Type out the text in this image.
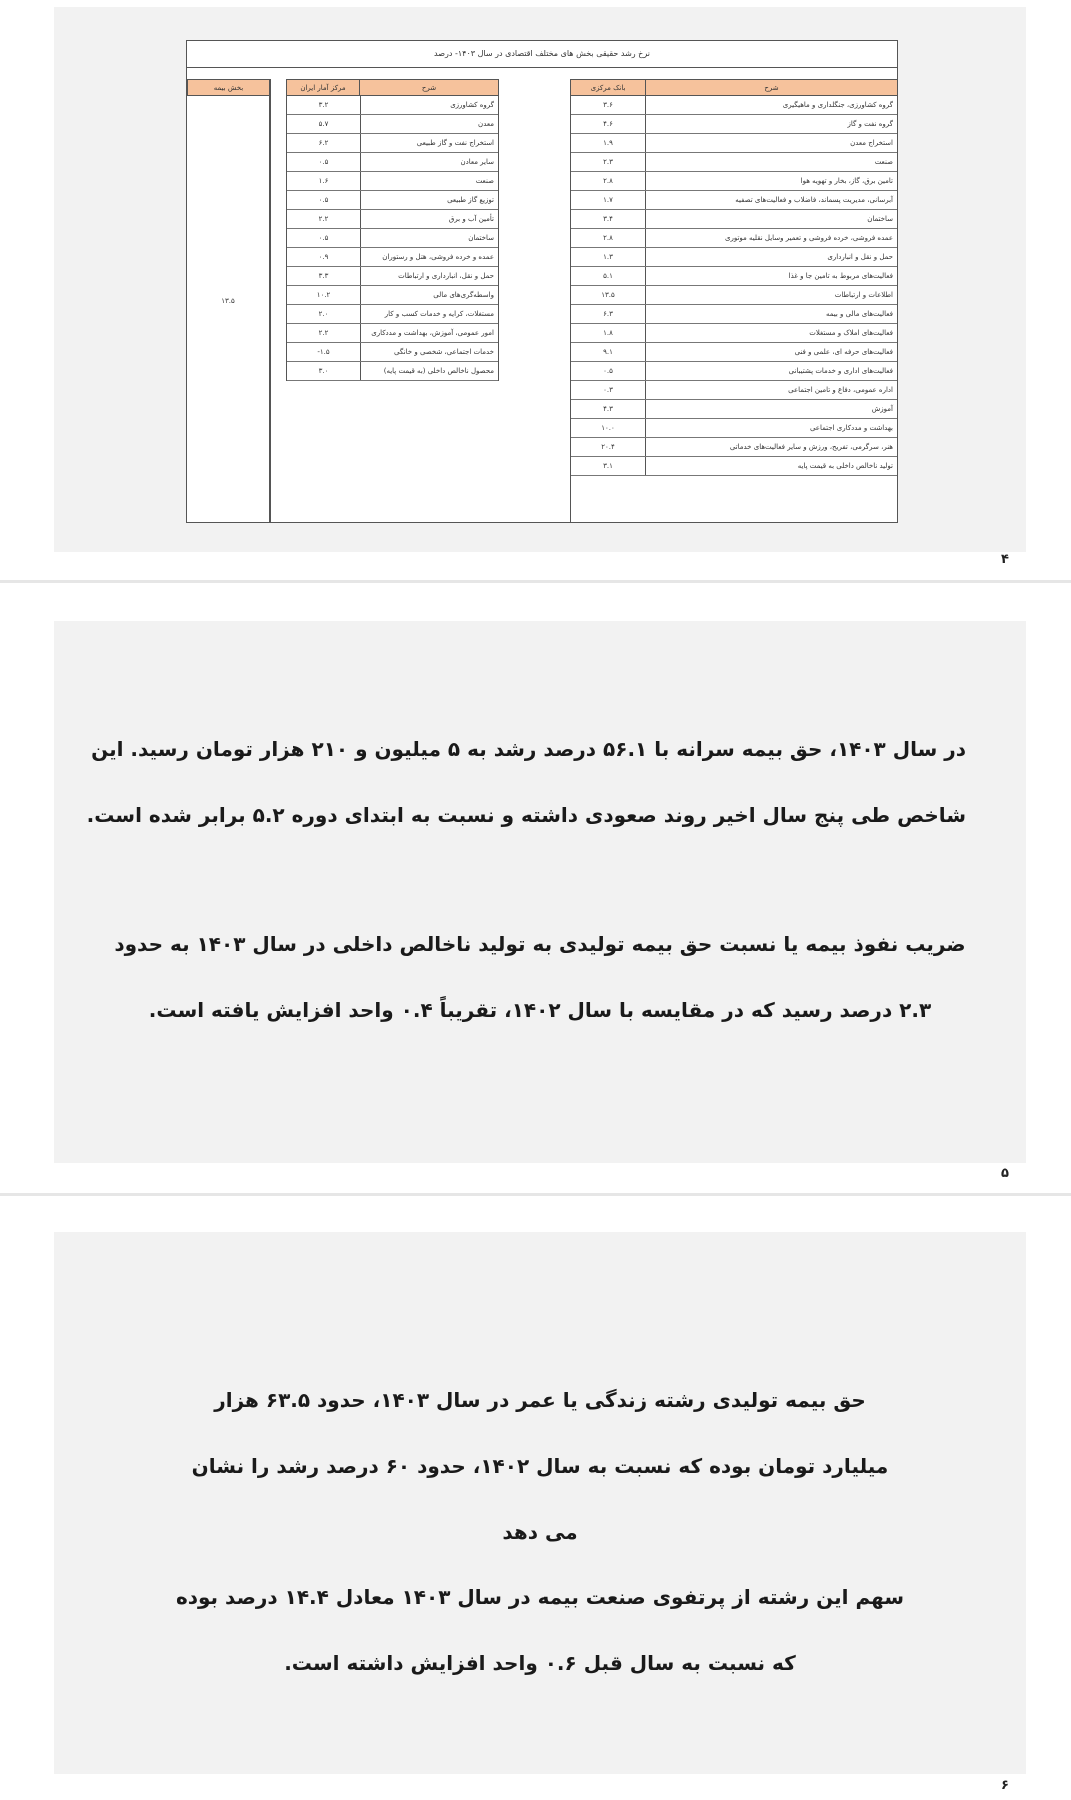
نرخ رشد حقیقی بخش های مختلف اقتصادی در سال ۱۴۰۳- درصد
بخش بیمه
۱۳.۵
مرکز آمار ایران	شرح
۳.۲	گروه کشاورزی
۵.۷	معدن
۶.۲	استخراج نفت و گاز طبیعی
۰.۵	سایر معادن
۱.۶	صنعت
۰.۵	توزیع گاز طبیعی
۲.۲	تأمین آب و برق
۰.۵	ساختمان
۰.۹	عمده و خرده فروشی، هتل و رستوران
۳.۳	حمل و نقل، انبارداری و ارتباطات
۱۰.۲	واسطه‌گری‌های مالی
۲.۰	مستغلات، کرایه و خدمات کسب و کار
۲.۲	امور عمومی، آموزش، بهداشت و مددکاری
-۱.۵	خدمات اجتماعی، شخصی و خانگی
۳.۰	محصول ناخالص داخلی (به قیمت پایه)
بانک مرکزی	شرح
۳.۶	گروه کشاورزی، جنگلداری و ماهیگیری
۴.۶	گروه نفت و گاز
۱.۹	استخراج معدن
۲.۳	صنعت
۲.۸	تامین برق، گاز، بخار و تهویه هوا
۱.۷	آبرسانی، مدیریت پسماند، فاضلاب و فعالیت‌های تصفیه
۳.۴	ساختمان
۲.۸	عمده فروشی، خرده فروشی و تعمیر وسایل نقلیه موتوری
۱.۳	حمل و نقل و انبارداری
۵.۱	فعالیت‌های مربوط به تامین جا و غذا
۱۳.۵	اطلاعات و ارتباطات
۶.۳	فعالیت‌های مالی و بیمه
۱.۸	فعالیت‌های املاک و مستغلات
۹.۱	فعالیت‌های حرفه ای، علمی و فنی
۰.۵	فعالیت‌های اداری و خدمات پشتیبانی
۰.۳	اداره عمومی، دفاع و تامین اجتماعی
۴.۳	آموزش
۱۰.۰	بهداشت و مددکاری اجتماعی
۲۰.۴	هنر، سرگرمی، تفریح، ورزش و سایر فعالیت‌های خدماتی
۳.۱	تولید ناخالص داخلی به قیمت پایه
۴
در سال ۱۴۰۳، حق بیمه سرانه با ۵۶.۱ درصد رشد به ۵ میلیون و ۲۱۰ هزار تومان رسید. این
شاخص طی پنج سال اخیر روند صعودی داشته و نسبت به ابتدای دوره ۵.۲ برابر شده است.
ضریب نفوذ بیمه یا نسبت حق بیمه تولیدی به تولید ناخالص داخلی در سال ۱۴۰۳ به حدود
۲.۳ درصد رسید که در مقایسه با سال ۱۴۰۲، تقریباً ۰.۴ واحد افزایش یافته است.
۵
حق بیمه تولیدی رشته زندگی یا عمر در سال ۱۴۰۳، حدود ۶۳.۵ هزار
میلیارد تومان بوده که نسبت به سال ۱۴۰۲، حدود ۶۰ درصد رشد را نشان
می دهد
سهم این رشته از پرتفوی صنعت بیمه در سال ۱۴۰۳ معادل ۱۴.۴ درصد بوده
که نسبت به سال قبل ۰.۶ واحد افزایش داشته است.
۶
